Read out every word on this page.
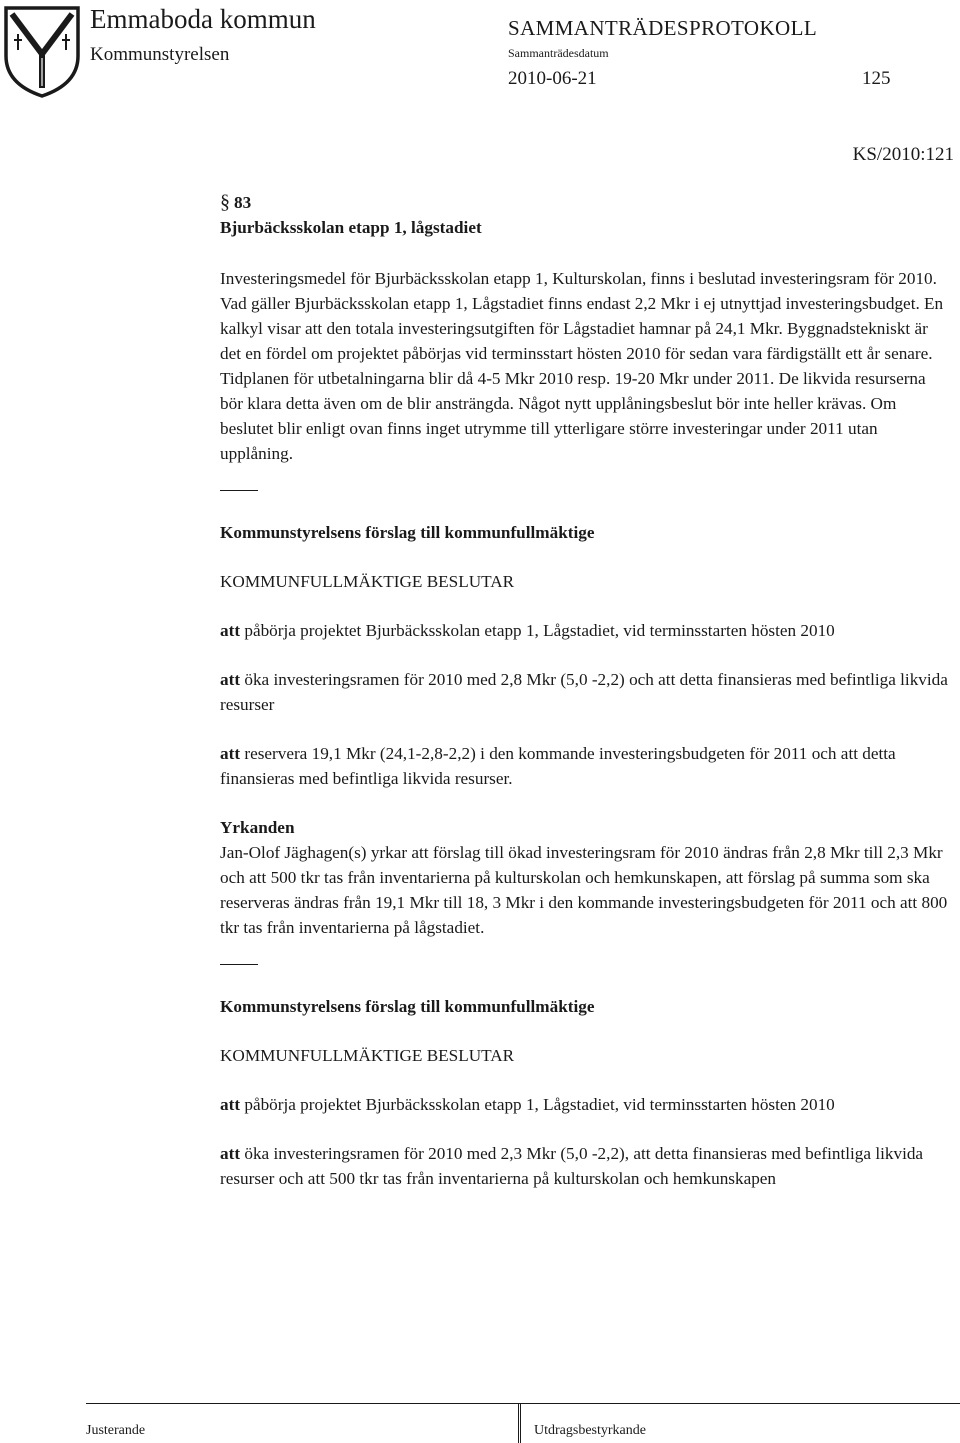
Emmaboda kommun
Kommunstyrelsen
SAMMANTRÄDESPROTOKOLL
Sammanträdesdatum
2010-06-21	125
KS/2010:121

§ 83

Bjurbäcksskolan etapp 1, lågstadiet

Investeringsmedel för Bjurbäcksskolan etapp 1, Kulturskolan, finns i beslutad investeringsram för 2010. Vad gäller Bjurbäcksskolan etapp 1, Lågstadiet finns endast 2,2 Mkr i ej utnyttjad investeringsbudget. En kalkyl visar att den totala investeringsutgiften för Lågstadiet hamnar på 24,1 Mkr. Byggnadstekniskt är det en fördel om projektet påbörjas vid terminsstart hösten 2010 för sedan vara färdigställt ett år senare. Tidplanen för utbetalningarna blir då 4-5 Mkr 2010 resp. 19-20 Mkr under 2011. De likvida resurserna bör klara detta även om de blir ansträngda. Något nytt upplåningsbeslut bör inte heller krävas. Om beslutet blir enligt ovan finns inget utrymme till ytterligare större investeringar under 2011 utan upplåning.

Kommunstyrelsens förslag till kommunfullmäktige

KOMMUNFULLMÄKTIGE BESLUTAR

att påbörja projektet Bjurbäcksskolan etapp 1, Lågstadiet, vid terminsstarten hösten 2010

att öka investeringsramen för 2010 med 2,8 Mkr (5,0 -2,2) och att detta finansieras med befintliga likvida resurser

att reservera 19,1 Mkr (24,1-2,8-2,2) i den kommande investeringsbudgeten för 2011 och att detta finansieras med befintliga likvida resurser.

Yrkanden

Jan-Olof Jäghagen(s) yrkar att förslag till ökad investeringsram för 2010 ändras från 2,8 Mkr till 2,3 Mkr och att 500 tkr tas från inventarierna på kulturskolan och hemkunskapen, att förslag på summa som ska reserveras ändras från 19,1 Mkr till 18, 3 Mkr i den kommande investeringsbudgeten för 2011 och att 800 tkr tas från inventarierna på lågstadiet.

Kommunstyrelsens förslag till kommunfullmäktige

KOMMUNFULLMÄKTIGE BESLUTAR

att påbörja projektet Bjurbäcksskolan etapp 1, Lågstadiet, vid terminsstarten hösten 2010

att öka investeringsramen för 2010 med 2,3 Mkr (5,0 -2,2), att detta finansieras med befintliga likvida resurser och att 500 tkr tas från inventarierna på kulturskolan och hemkunskapen

Justerande	Utdragsbestyrkande
